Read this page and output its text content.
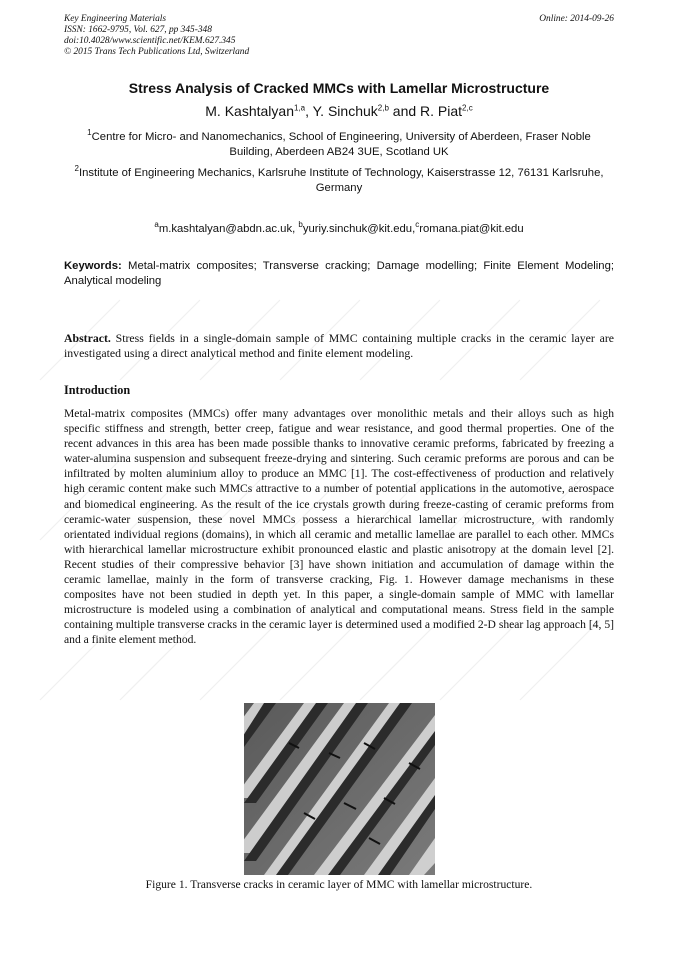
Key Engineering Materials
ISSN: 1662-9795, Vol. 627, pp 345-348
doi:10.4028/www.scientific.net/KEM.627.345
© 2015 Trans Tech Publications Ltd, Switzerland
Online: 2014-09-26
Stress Analysis of Cracked MMCs with Lamellar Microstructure
M. Kashtalyan$^{1,a}$, Y. Sinchuk$^{2,b}$ and R. Piat$^{2,c}$
$^1$Centre for Micro- and Nanomechanics, School of Engineering, University of Aberdeen, Fraser Noble Building, Aberdeen AB24 3UE, Scotland UK
$^2$Institute of Engineering Mechanics, Karlsruhe Institute of Technology, Kaiserstrasse 12, 76131 Karlsruhe, Germany
$^a$m.kashtalyan@abdn.ac.uk, $^b$yuriy.sinchuk@kit.edu,$^c$romana.piat@kit.edu
Keywords: Metal-matrix composites; Transverse cracking; Damage modelling; Finite Element Modeling; Analytical modeling
Abstract. Stress fields in a single-domain sample of MMC containing multiple cracks in the ceramic layer are investigated using a direct analytical method and finite element modeling.
Introduction
Metal-matrix composites (MMCs) offer many advantages over monolithic metals and their alloys such as high specific stiffness and strength, better creep, fatigue and wear resistance, and good thermal properties. One of the recent advances in this area has been made possible thanks to innovative ceramic preforms, fabricated by freezing a water-alumina suspension and subsequent freeze-drying and sintering. Such ceramic preforms are porous and can be infiltrated by molten aluminium alloy to produce an MMC [1]. The cost-effectiveness of production and relatively high ceramic content make such MMCs attractive to a number of potential applications in the automotive, aerospace and biomedical engineering. As the result of the ice crystals growth during freeze-casting of ceramic preforms from ceramic-water suspension, these novel MMCs possess a hierarchical lamellar microstructure, with randomly orientated individual regions (domains), in which all ceramic and metallic lamellae are parallel to each other. MMCs with hierarchical lamellar microstructure exhibit pronounced elastic and plastic anisotropy at the domain level [2]. Recent studies of their compressive behavior [3] have shown initiation and accumulation of damage within the ceramic lamellae, mainly in the form of transverse cracking, Fig. 1. However damage mechanisms in these composites have not been studied in depth yet. In this paper, a single-domain sample of MMC with lamellar microstructure is modeled using a combination of analytical and computational means. Stress field in the sample containing multiple transverse cracks in the ceramic layer is determined used a modified 2-D shear lag approach [4, 5] and a finite element method.
Figure 1. Transverse cracks in ceramic layer of MMC with lamellar microstructure.
